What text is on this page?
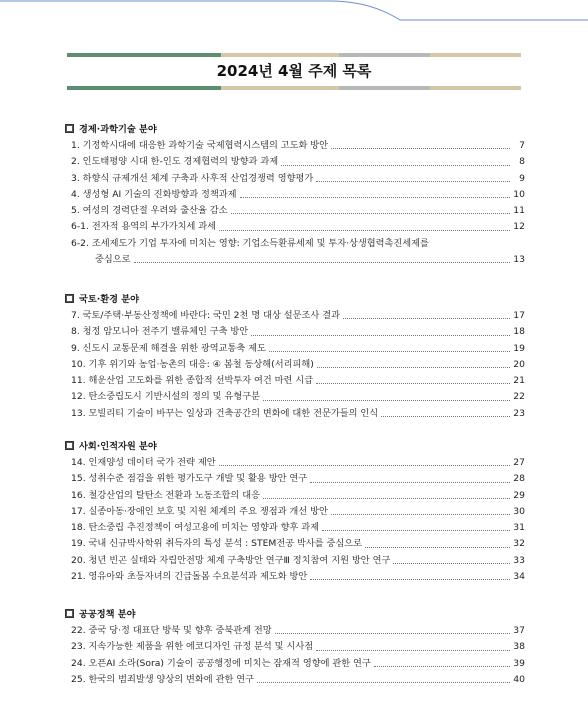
2024년 4월 주제 목록
경제·과학기술 분야
1. 기정학시대에 대응한 과학기술 국제협력시스템의 고도화 방안	7
2. 인도태평양 시대 한-인도 경제협력의 방향과 과제	8
3. 하향식 규제개선 체계 구축과 사후적 산업경쟁력 영향평가	9
4. 생성형 AI 기술의 진화방향과 정책과제	10
5. 여성의 경력단절 우려와 출산율 감소	11
6-1. 전자적 용역의 부가가치세 과세	12
6-2. 조세제도가 기업 투자에 미치는 영향: 기업소득환류세제 및 투자·상생협력촉진세제를
중심으로	13
국토·환경 분야
7. 국토/주택·부동산정책에 바란다: 국민 2천 명 대상 설문조사 결과	17
8. 청정 암모니아 전주기 밸류체인 구축 방안	18
9. 신도시 교통문제 해결을 위한 광역교통축 제도	19
10. 기후 위기와 농업·농촌의 대응: ④ 봄철 동상해(서리피해)	20
11. 해운산업 고도화를 위한 종합적 선박투자 여건 마련 시급	21
12. 탄소중립도시 기반시설의 정의 및 유형구분	22
13. 모빌리티 기술이 바꾸는 일상과 건축공간의 변화에 대한 전문가들의 인식	23
사회·인적자원 분야
14. 인재양성 데이터 국가 전략 제안	27
15. 성취수준 점검을 위한 평가도구 개발 및 활용 방안 연구	28
16. 철강산업의 탈탄소 전환과 노동조합의 대응	29
17. 실종아동·장애인 보호 및 지원 체계의 주요 쟁점과 개선 방안	30
18. 탄소중립 추진정책이 여성고용에 미치는 영향과 향후 과제	31
19. 국내 신규박사학위 취득자의 특성 분석 : STEM전공 박사를 중심으로	32
20. 청년 빈곤 실태와 자립안전망 체계 구축방안 연구Ⅲ 정치참여 지원 방안 연구	33
21. 영유아와 초등자녀의 긴급돌봄 수요분석과 제도화 방안	34
공공정책 분야
22. 중국 당·정 대표단 방북 및 향후 중북관계 전망	37
23. 지속가능한 제품을 위한 에코디자인 규정 분석 및 시사점	38
24. 오픈AI 소라(Sora) 기술이 공공행정에 미치는 잠재적 영향에 관한 연구	39
25. 한국의 범죄발생 양상의 변화에 관한 연구	40
